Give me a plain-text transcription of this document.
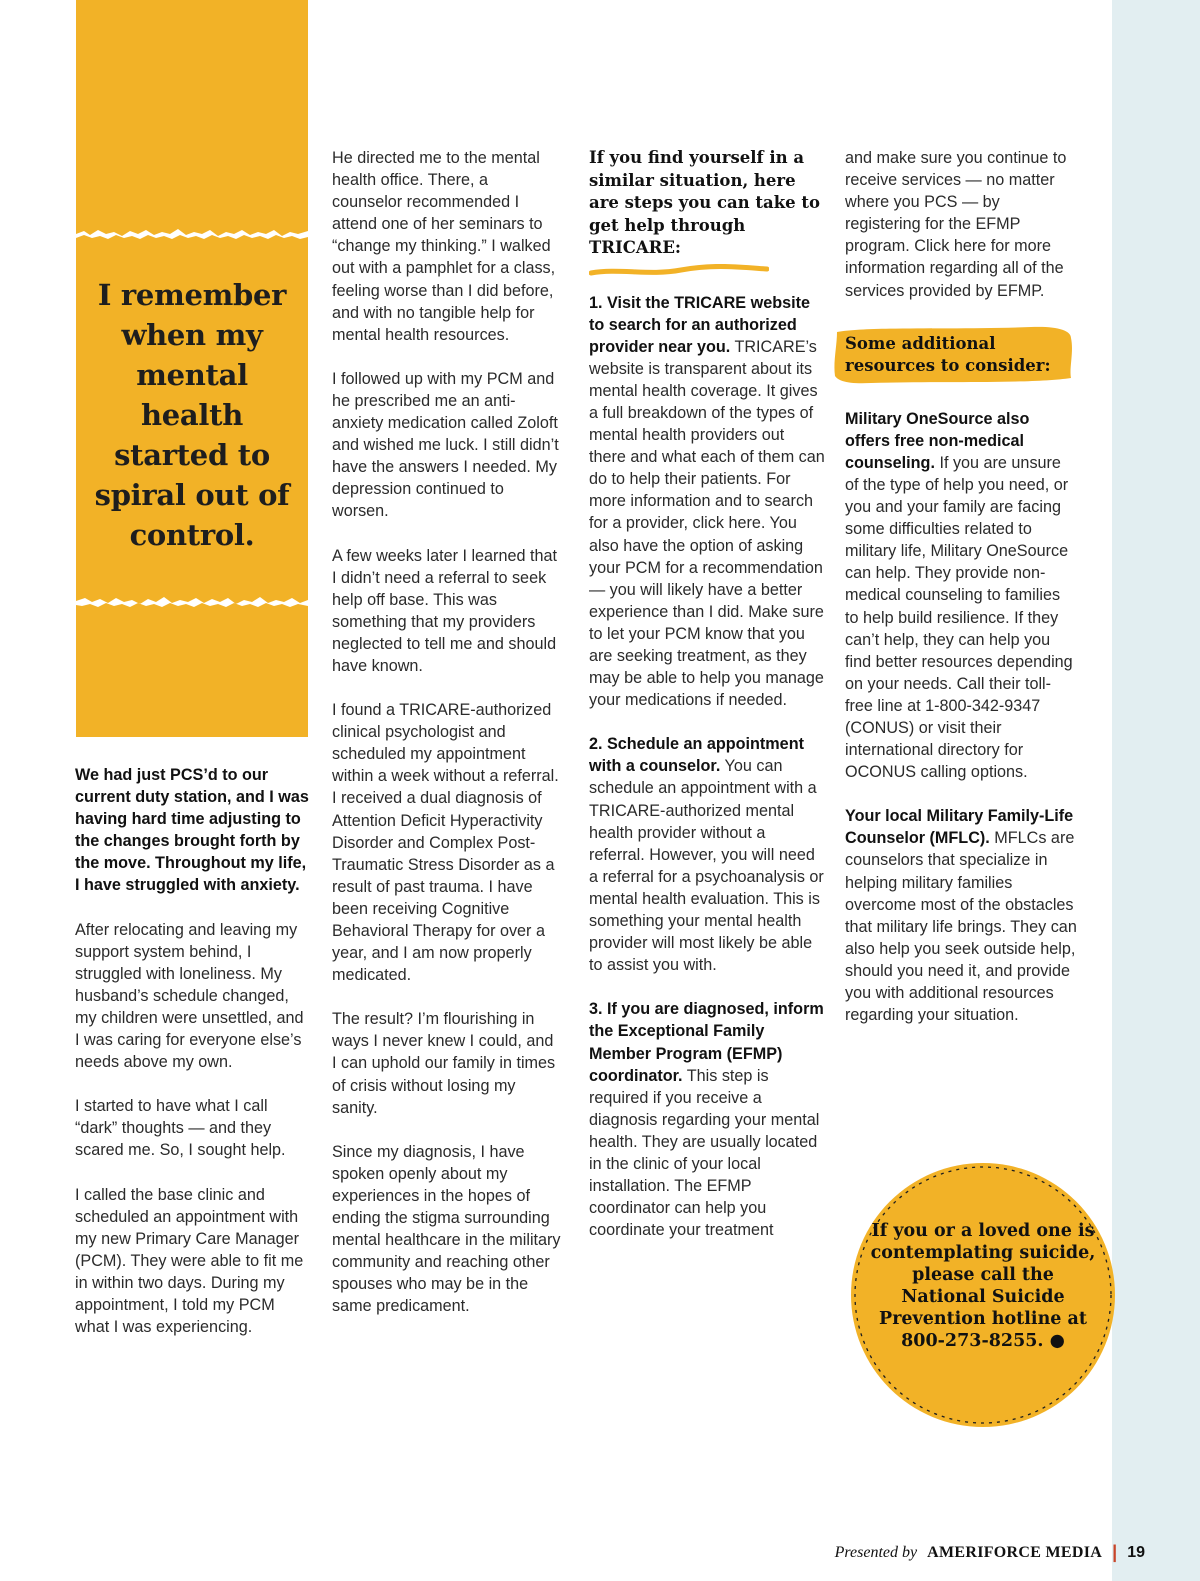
I remember when my mental health started to spiral out of control.

We had just PCS’d to our current duty station, and I was having hard time adjusting to the changes brought forth by the move. Throughout my life, I have struggled with anxiety.

After relocating and leaving my support system behind, I struggled with loneliness. My husband’s schedule changed, my children were unsettled, and I was caring for everyone else’s needs above my own.

I started to have what I call “dark” thoughts — and they scared me. So, I sought help.

I called the base clinic and scheduled an appointment with my new Primary Care Manager (PCM). They were able to fit me in within two days. During my appointment, I told my PCM what I was experiencing.

He directed me to the mental health office. There, a counselor recommended I attend one of her seminars to “change my thinking.” I walked out with a pamphlet for a class, feeling worse than I did before, and with no tangible help for mental health resources.

I followed up with my PCM and he prescribed me an anti-anxiety medication called Zoloft and wished me luck. I still didn’t have the answers I needed. My depression continued to worsen.

A few weeks later I learned that I didn’t need a referral to seek help off base. This was something that my providers neglected to tell me and should have known.

I found a TRICARE-authorized clinical psychologist and scheduled my appointment within a week without a referral. I received a dual diagnosis of Attention Deficit Hyperactivity Disorder and Complex Post-Traumatic Stress Disorder as a result of past trauma. I have been receiving Cognitive Behavioral Therapy for over a year, and I am now properly medicated.

The result? I’m flourishing in ways I never knew I could, and I can uphold our family in times of crisis without losing my sanity.

Since my diagnosis, I have spoken openly about my experiences in the hopes of ending the stigma surrounding mental healthcare in the military community and reaching other spouses who may be in the same predicament.

If you find yourself in a similar situation, here are steps you can take to get help through TRICARE:

1. Visit the TRICARE website to search for an authorized provider near you. TRICARE’s website is transparent about its mental health coverage. It gives a full breakdown of the types of mental health providers out there and what each of them can do to help their patients. For more information and to search for a provider, click here. You also have the option of asking your PCM for a recommendation — you will likely have a better experience than I did. Make sure to let your PCM know that you are seeking treatment, as they may be able to help you manage your medications if needed.

2. Schedule an appointment with a counselor. You can schedule an appointment with a TRICARE-authorized mental health provider without a referral. However, you will need a referral for a psychoanalysis or mental health evaluation. This is something your mental health provider will most likely be able to assist you with.

3. If you are diagnosed, inform the Exceptional Family Member Program (EFMP) coordinator. This step is required if you receive a diagnosis regarding your mental health. They are usually located in the clinic of your local installation. The EFMP coordinator can help you coordinate your treatment

and make sure you continue to receive services — no matter where you PCS — by registering for the EFMP program. Click here for more information regarding all of the services provided by EFMP.

Some additional resources to consider:

Military OneSource also offers free non-medical counseling. If you are unsure of the type of help you need, or you and your family are facing some difficulties related to military life, Military OneSource can help. They provide non-medical counseling to families to help build resilience. If they can’t help, they can help you find better resources depending on your needs. Call their toll-free line at 1-800-342-9347 (CONUS) or visit their international directory for OCONUS calling options.

Your local Military Family-Life Counselor (MFLC). MFLCs are counselors that specialize in helping military families overcome most of the obstacles that military life brings. They can also help you seek outside help, should you need it, and provide you with additional resources regarding your situation.

If you or a loved one is contemplating suicide, please call the National Suicide Prevention hotline at 800-273-8255. ●
Presented by AMERIFORCE MEDIA | 19
